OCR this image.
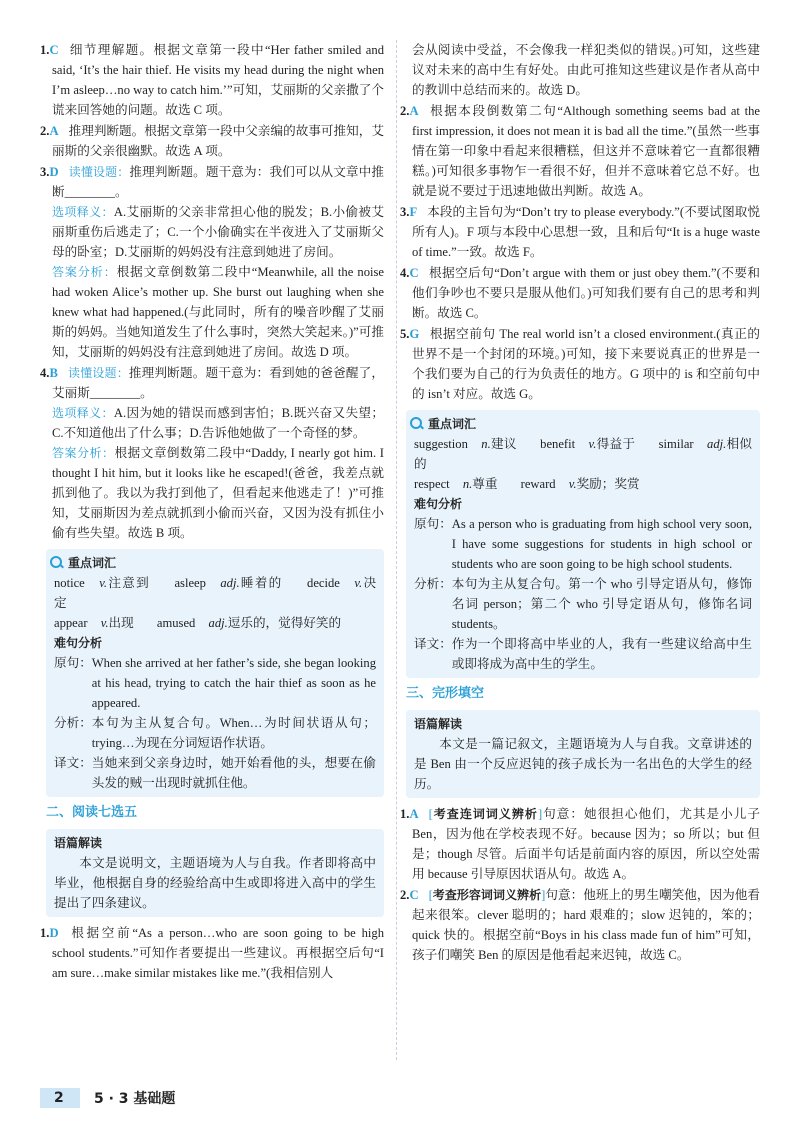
1.C 细节理解题。根据文章第一段中“Her father smiled and said, ‘It’s the hair thief. He visits my head during the night when I’m asleep…no way to catch him.’”可知，艾丽斯的父亲撒了个谎来回答她的问题。故选 C 项。

2.A 推理判断题。根据文章第一段中父亲编的故事可推知，艾丽斯的父亲很幽默。故选 A 项。

3.D 读懂设题：推理判断题。题干意为：我们可以从文章中推断________。

选项释义：A.艾丽斯的父亲非常担心他的脱发；B.小偷被艾丽斯重伤后逃走了；C.一个小偷确实在半夜进入了艾丽斯父母的卧室；D.艾丽斯的妈妈没有注意到她进了房间。

答案分析：根据文章倒数第二段中“Meanwhile, all the noise had woken Alice’s mother up. She burst out laughing when she knew what had happened.(与此同时，所有的噪音吵醒了艾丽斯的妈妈。当她知道发生了什么事时，突然大笑起来。)”可推知，艾丽斯的妈妈没有注意到她进了房间。故选 D 项。

4.B 读懂设题：推理判断题。题干意为：看到她的爸爸醒了，艾丽斯________。

选项释义：A.因为她的错误而感到害怕；B.既兴奋又失望；C.不知道他出了什么事；D.告诉他她做了一个奇怪的梦。

答案分析：根据文章倒数第二段中“Daddy, I nearly got him. I thought I hit him, but it looks like he escaped!(爸爸，我差点就抓到他了。我以为我打到他了，但看起来他逃走了！)”可推知，艾丽斯因为差点就抓到小偷而兴奋，又因为没有抓住小偷有些失望。故选 B 项。

重点词汇

notice v.注意到 asleep adj.睡着的 decide v.决定

appear v.出现 amused adj.逗乐的，觉得好笑的

难句分析
原句： When she arrived at her father’s side, she began looking at his head, trying to catch the hair thief as soon as he appeared.
分析： 本句为主从复合句。When…为时间状语从句；trying…为现在分词短语作状语。
译文： 当她来到父亲身边时，她开始看他的头，想要在偷头发的贼一出现时就抓住他。
二、阅读七选五
语篇解读

本文是说明文，主题语境为人与自我。作者即将高中毕业，他根据自身的经验给高中生或即将进入高中的学生提出了四条建议。

1.D 根据空前“As a person…who are soon going to be high school students.”可知作者要提出一些建议。再根据空后句“I am sure…make similar mistakes like me.”(我相信别人

会从阅读中受益，不会像我一样犯类似的错误。)可知，这些建议对未来的高中生有好处。由此可推知这些建议是作者从高中的教训中总结而来的。故选 D。

2.A 根据本段倒数第二句“Although something seems bad at the first impression, it does not mean it is bad all the time.”(虽然一些事情在第一印象中看起来很糟糕，但这并不意味着它一直都很糟糕。)可知很多事物乍一看很不好，但并不意味着它总不好。也就是说不要过于迅速地做出判断。故选 A。

3.F 本段的主旨句为“Don’t try to please everybody.”(不要试图取悦所有人)。F 项与本段中心思想一致，且和后句“It is a huge waste of time.”一致。故选 F。

4.C 根据空后句“Don’t argue with them or just obey them.”(不要和他们争吵也不要只是服从他们。)可知我们要有自己的思考和判断。故选 C。

5.G 根据空前句 The real world isn’t a closed environment.(真正的世界不是一个封闭的环境。)可知，接下来要说真正的世界是一个我们要为自己的行为负责任的地方。G 项中的 is 和空前句中的 isn’t 对应。故选 G。

重点词汇

suggestion n.建议 benefit v.得益于 similar adj.相似的

respect n.尊重 reward v.奖励；奖赏

难句分析
原句： As a person who is graduating from high school very soon, I have some suggestions for students in high school or students who are soon going to be high school students.
分析： 本句为主从复合句。第一个 who 引导定语从句，修饰名词 person；第二个 who 引导定语从句，修饰名词 students。
译文： 作为一个即将高中毕业的人，我有一些建议给高中生或即将成为高中生的学生。
三、完形填空
语篇解读

本文是一篇记叙文，主题语境为人与自我。文章讲述的是 Ben 由一个反应迟钝的孩子成长为一名出色的大学生的经历。

1.A [考查连词词义辨析]句意：她很担心他们，尤其是小儿子 Ben，因为他在学校表现不好。because 因为；so 所以；but 但是；though 尽管。后面半句话是前面内容的原因，所以空处需用 because 引导原因状语从句。故选 A。

2.C [考查形容词词义辨析]句意：他班上的男生嘲笑他，因为他看起来很笨。clever 聪明的；hard 艰难的；slow 迟钝的，笨的；quick 快的。根据空前“Boys in his class made fun of him”可知，孩子们嘲笑 Ben 的原因是他看起来迟钝，故选 C。

2	5 · 3 基础题
